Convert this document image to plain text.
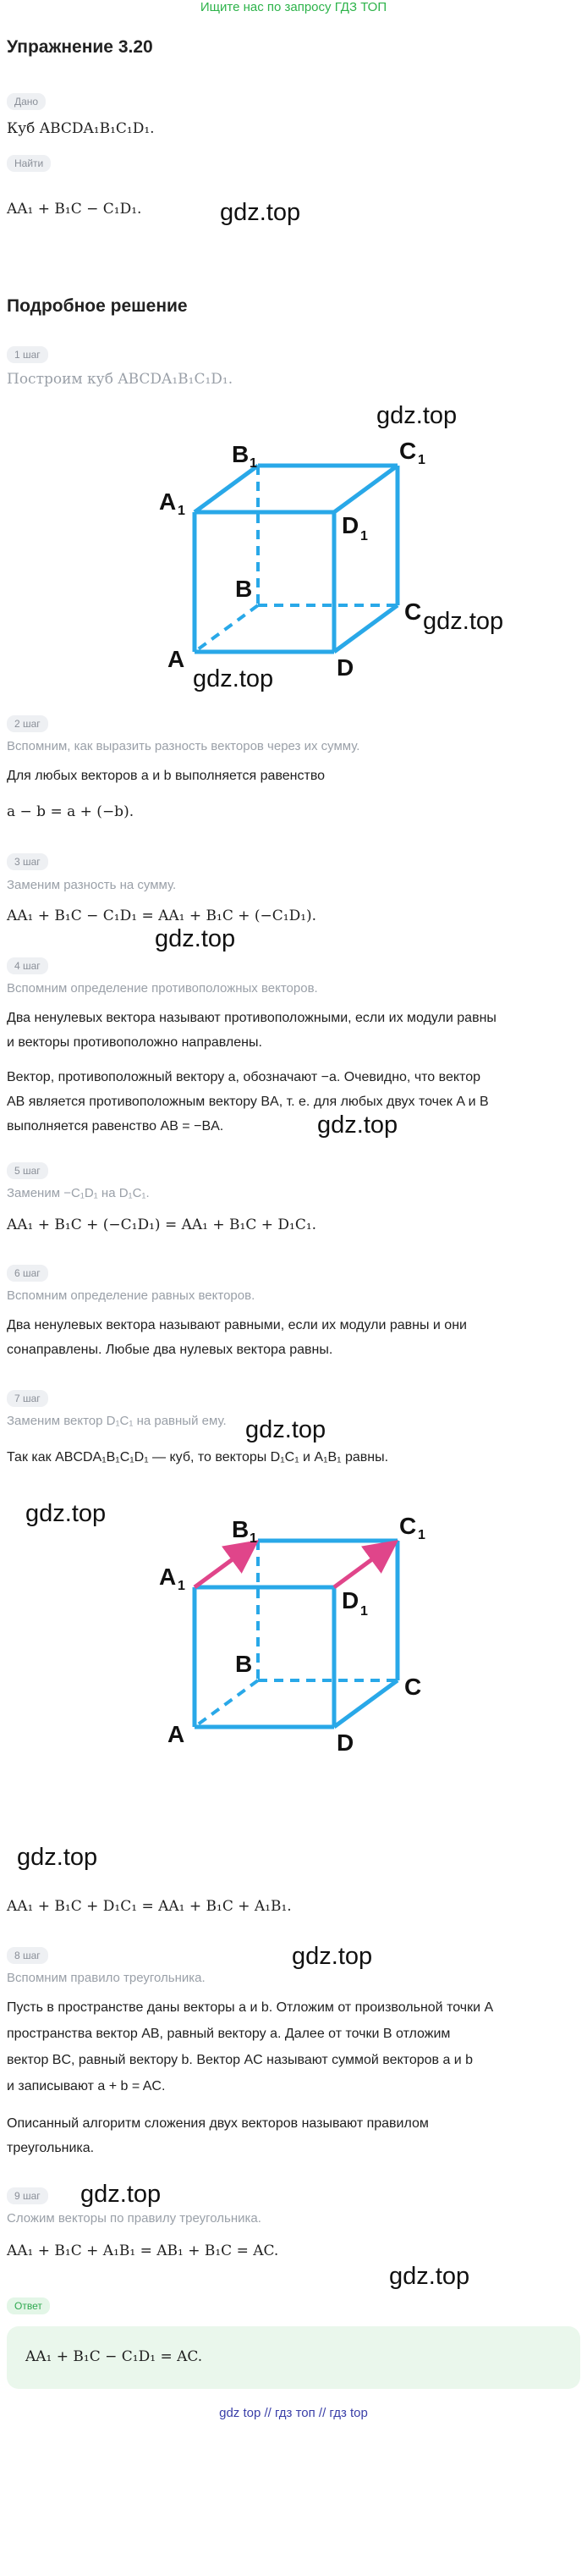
Ищите нас по запросу ГДЗ ТОП
Упражнение 3.20
Дано
Куб ABCDA₁B₁C₁D₁.
Найти
AA₁ + B₁C − C₁D₁.	gdz.top
Подробное решение
1 шаг
Построим куб ABCDA₁B₁C₁D₁.
gdz.top
A	D
C
B
A
B	C
D
1
1	1
1
gdz.top
gdz.top
2 шаг
Вспомним, как выразить разность векторов через их сумму.
Для любых векторов a и b выполняется равенство
a − b = a + (−b).
3 шаг
Заменим разность на сумму.
AA₁ + B₁C − C₁D₁ = AA₁ + B₁C + (−C₁D₁).
gdz.top
4 шаг
Вспомним определение противоположных векторов.
Два ненулевых вектора называют противоположными, если их модули равны
и векторы противоположно направлены.
Вектор, противоположный вектору a, обозначают −a. Очевидно, что вектор
AB является противоположным вектору BA, т. е. для любых двух точек A и B
выполняется равенство AB = −BA.	gdz.top
5 шаг
Заменим −C₁D₁ на D₁C₁.
AA₁ + B₁C + (−C₁D₁) = AA₁ + B₁C + D₁C₁.
6 шаг
Вспомним определение равных векторов.
Два ненулевых вектора называют равными, если их модули равны и они
сонаправлены. Любые два нулевых вектора равны.
7 шаг
Заменим вектор D₁C₁ на равный ему. gdz.top
Так как ABCDA₁B₁C₁D₁ — куб, то векторы D₁C₁ и A₁B₁ равны.
gdz.top
A	D
C
B
A
B	C
D
1
1	1
1
gdz.top
AA₁ + B₁C + D₁C₁ = AA₁ + B₁C + A₁B₁.
gdz.top
8 шаг
Вспомним правило треугольника.
Пусть в пространстве даны векторы a и b. Отложим от произвольной точки A
пространства вектор AB, равный вектору a. Далее от точки B отложим
вектор BC, равный вектору b. Вектор AC называют суммой векторов a и b
и записывают a + b = AC.
Описанный алгоритм сложения двух векторов называют правилом
треугольника.
9 шаг	gdz.top
Сложим векторы по правилу треугольника.
AA₁ + B₁C + A₁B₁ = AB₁ + B₁C = AC.
gdz.top
Ответ
AA₁ + B₁C − C₁D₁ = AC.
gdz top // гдз топ // гдз top
